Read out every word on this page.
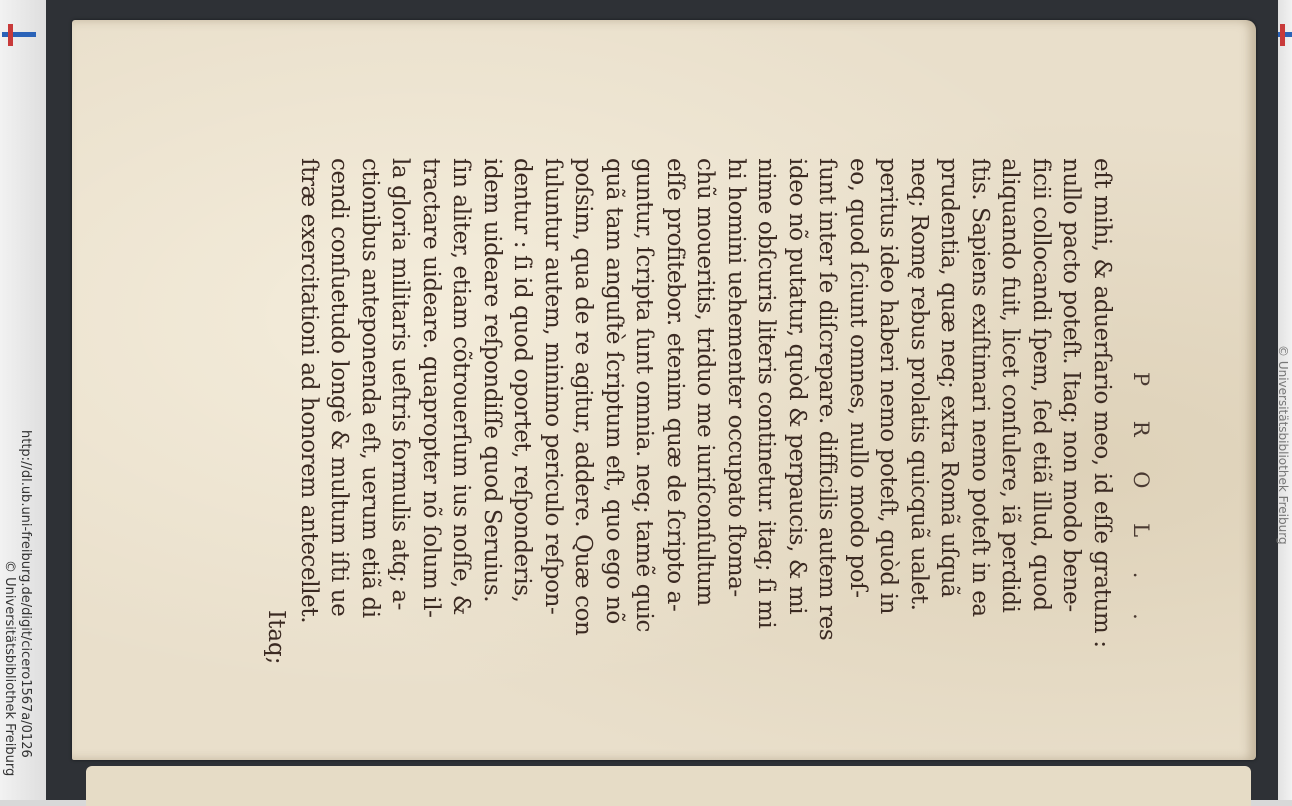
http://dl.ub.uni-freiburg.de/digit/cicero1567a/0126
© Universitätsbibliothek Freiburg
P R O L . .
eſt mihi, & aduerſario meo, id eſſe gratum :
nullo pacto poteſt. Itaq; non modo bene-
ficii collocandi ſpem, ſed etiã illud, quod
aliquando fuit, licet conſulere, iã perdidi
ſtis. Sapiens exiſtimari nemo poteſt in ea
prudentia, quæ neq; extra Romã uſquã
neq; Romę rebus prolatis quicquã ualet.
peritus ideo haberi nemo poteſt, quòd in
eo, quod ſciunt omnes, nullo modo poſ-
ſunt inter ſe diſcrepare. difficilis autem res
ideo nõ putatur, quòd & perpaucis, & mi
nime obſcuris literis continetur. itaq; ſi mi
hi homini uehementer occupato ſtoma-
chũ moueritis, triduo me iuriſconſultum
eſſe profitebor. etenim quæ de ſcripto a-
guntur, ſcripta ſunt omnia. neq; tamẽ quic
quã tam anguſtè ſcriptum eſt, quo ego nõ
poſsim, qua de re agitur, addere. Quæ con
ſuluntur autem, minimo periculo reſpon-
dentur : ſi id quod oportet, reſponderis,
idem uideare reſpondiſſe quod Seruius.
ſin aliter, etiam cõtrouerſum ius noſſe, &
tractare uideare. quapropter nõ ſolum il-
la gloria militaris ueſtris formulis atq; a-
ctionibus anteponenda eſt, uerum etiã di
cendi conſuetudo longè & multum iſti ue
ſtræ exercitationi ad honorem antecellet.
Itaq;
© Universitätsbibliothek Freiburg
